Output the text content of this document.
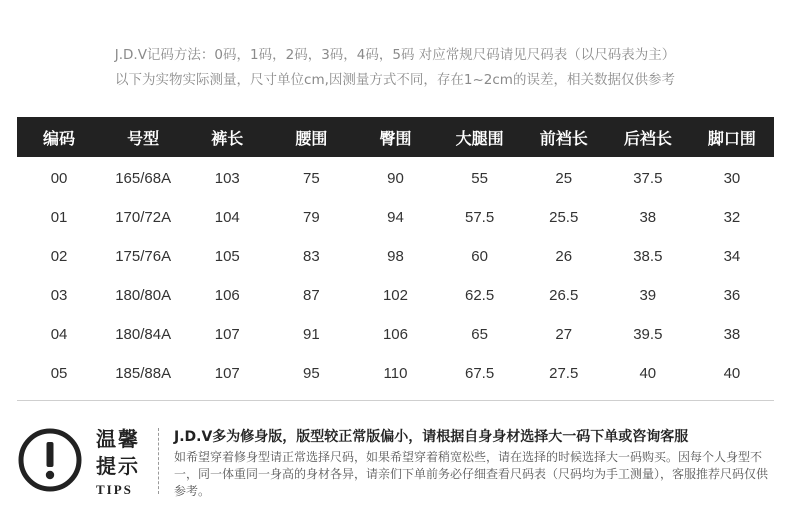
J.D.V记码方法：0码，1码，2码，3码，4码，5码 对应常规尺码请见尺码表（以尺码表为主）
以下为实物实际测量，尺寸单位cm,因测量方式不同，存在1~2cm的误差，相关数据仅供参考
编码	号型	裤长	腰围	臀围	大腿围	前裆长	后裆长	脚口围
00	165/68A	103	75	90	55	25	37.5	30
01	170/72A	104	79	94	57.5	25.5	38	32
02	175/76A	105	83	98	60	26	38.5	34
03	180/80A	106	87	102	62.5	26.5	39	36
04	180/84A	107	91	106	65	27	39.5	38
05	185/88A	107	95	110	67.5	27.5	40	40
温馨
提示
TIPS
J.D.V多为修身版，版型较正常版偏小，请根据自身身材选择大一码下单或咨询客服
如希望穿着修身型请正常选择尺码，如果希望穿着稍宽松些，请在选择的时候选择大一码购买。因每个人身型不一，同一体重同一身高的身材各异，请亲们下单前务必仔细查看尺码表（尺码均为手工测量），客服推荐尺码仅供参考。
